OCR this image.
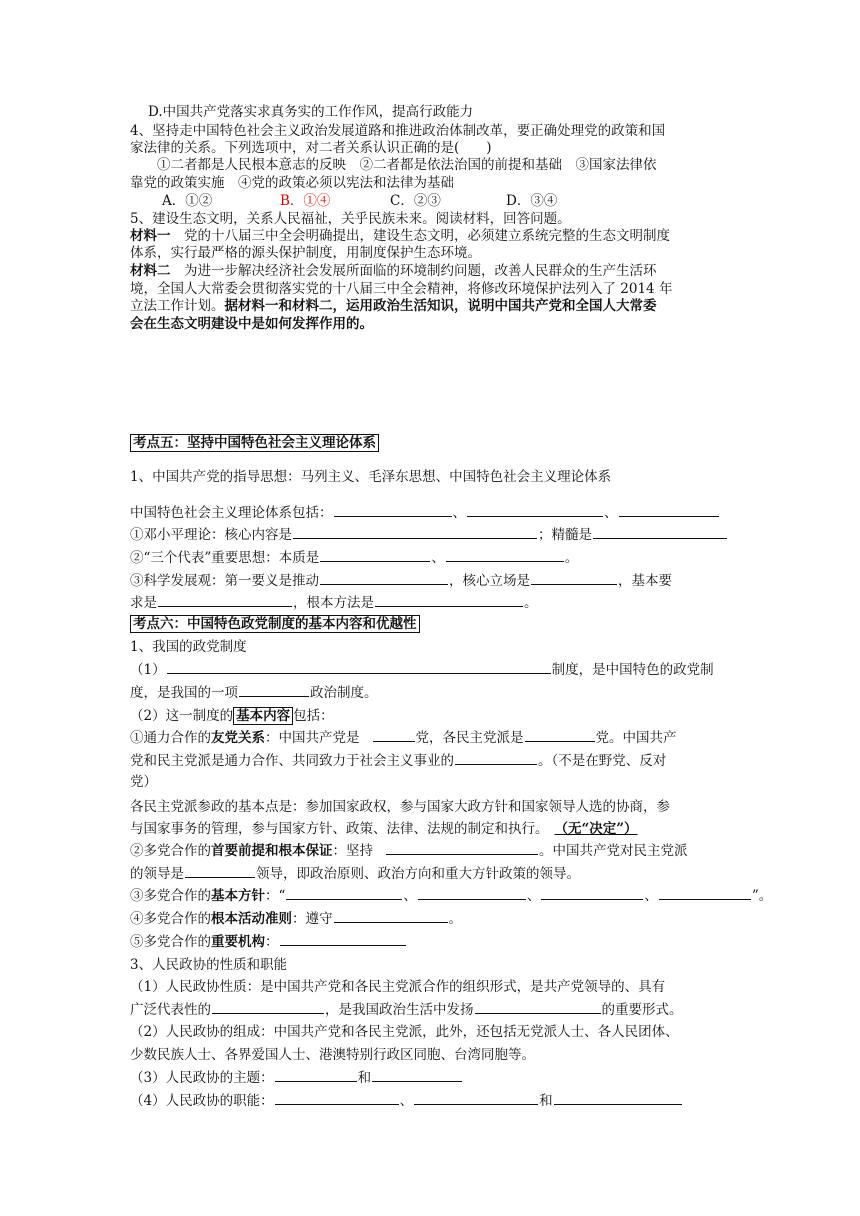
D.中国共产党落实求真务实的工作作风，提高行政能力
4、坚持走中国特色社会主义政治发展道路和推进政治体制改革，要正确处理党的政策和国
家法律的关系。下列选项中，对二者关系认识正确的是(　　)
　　①二者都是人民根本意志的反映　②二者都是依法治国的前提和基础　③国家法律依
靠党的政策实施　④党的政策必须以宪法和法律为基础
A．①②	B．①④	C．②③	D．③④
5、建设生态文明，关系人民福祉，关乎民族未来。阅读材料，回答问题。
材料一　党的十八届三中全会明确提出，建设生态文明，必须建立系统完整的生态文明制度
体系，实行最严格的源头保护制度，用制度保护生态环境。
材料二　为进一步解决经济社会发展所面临的环境制约问题，改善人民群众的生产生活环
境，全国人大常委会贯彻落实党的十八届三中全会精神，将修改环境保护法列入了 2014 年
立法工作计划。据材料一和材料二，运用政治生活知识，说明中国共产党和全国人大常委
会在生态文明建设中是如何发挥作用的。
考点五：坚持中国特色社会主义理论体系
1、中国共产党的指导思想：马列主义、毛泽东思想、中国特色社会主义理论体系
中国特色社会主义理论体系包括：	、	、
①邓小平理论：核心内容是	；精髓是
②“三个代表”重要思想：本质是	、	。
③科学发展观：第一要义是推动	，核心立场是	，基本要
求是	，根本方法是	。
考点六：中国特色政党制度的基本内容和优越性
1、我国的政党制度
（1）	制度，是中国特色的政党制
度，是我国的一项	政治制度。
（2）这一制度的 基本内容 包括：
①通力合作的友党关系：中国共产党是	党，各民主党派是	党。中国共产
党和民主党派是通力合作、共同致力于社会主义事业的	。（不是在野党、反对
党）
各民主党派参政的基本点是：参加国家政权，参与国家大政方针和国家领导人选的协商，参
与国家事务的管理，参与国家方针、政策、法律、法规的制定和执行。 （无“决定”）
②多党合作的首要前提和根本保证：坚持	。中国共产党对民主党派
的领导是	领导，即政治原则、政治方向和重大方针政策的领导。
③多党合作的基本方针：“	、	、	、	”。
④多党合作的根本活动准则：遵守	。
⑤多党合作的重要机构：
3、人民政协的性质和职能
（1）人民政协性质：是中国共产党和各民主党派合作的组织形式，是共产党领导的、具有
广泛代表性的	，是我国政治生活中发扬	的重要形式。
（2）人民政协的组成：中国共产党和各民主党派，此外，还包括无党派人士、各人民团体、
少数民族人士、各界爱国人士、港澳特别行政区同胞、台湾同胞等。
（3）人民政协的主题：	和
（4）人民政协的职能：	、	和
